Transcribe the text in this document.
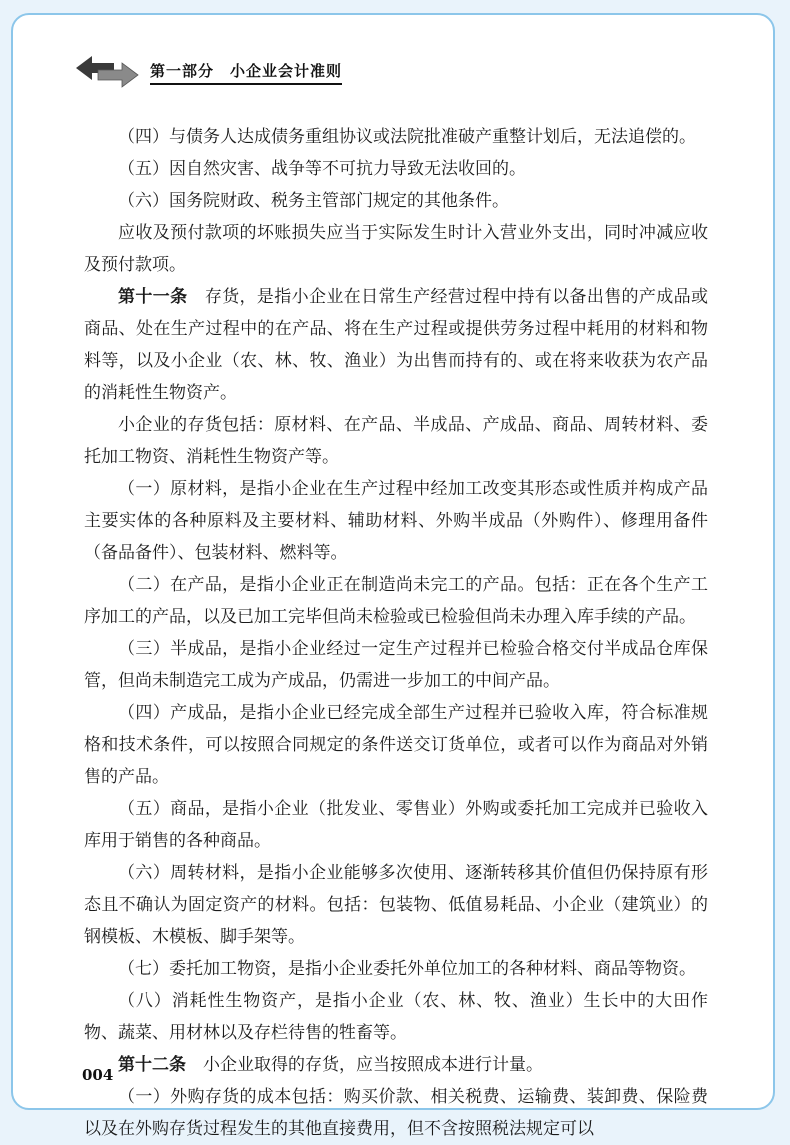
第一部分　小企业会计准则

（四）与债务人达成债务重组协议或法院批准破产重整计划后，无法追偿的。

（五）因自然灾害、战争等不可抗力导致无法收回的。

（六）国务院财政、税务主管部门规定的其他条件。

应收及预付款项的坏账损失应当于实际发生时计入营业外支出，同时冲减应收及预付款项。

第十一条　存货，是指小企业在日常生产经营过程中持有以备出售的产成品或商品、处在生产过程中的在产品、将在生产过程或提供劳务过程中耗用的材料和物料等，以及小企业（农、林、牧、渔业）为出售而持有的、或在将来收获为农产品的消耗性生物资产。

小企业的存货包括：原材料、在产品、半成品、产成品、商品、周转材料、委托加工物资、消耗性生物资产等。

（一）原材料，是指小企业在生产过程中经加工改变其形态或性质并构成产品主要实体的各种原料及主要材料、辅助材料、外购半成品（外购件）、修理用备件（备品备件）、包装材料、燃料等。

（二）在产品，是指小企业正在制造尚未完工的产品。包括：正在各个生产工序加工的产品，以及已加工完毕但尚未检验或已检验但尚未办理入库手续的产品。

（三）半成品，是指小企业经过一定生产过程并已检验合格交付半成品仓库保管，但尚未制造完工成为产成品，仍需进一步加工的中间产品。

（四）产成品，是指小企业已经完成全部生产过程并已验收入库，符合标准规格和技术条件，可以按照合同规定的条件送交订货单位，或者可以作为商品对外销售的产品。

（五）商品，是指小企业（批发业、零售业）外购或委托加工完成并已验收入库用于销售的各种商品。

（六）周转材料，是指小企业能够多次使用、逐渐转移其价值但仍保持原有形态且不确认为固定资产的材料。包括：包装物、低值易耗品、小企业（建筑业）的钢模板、木模板、脚手架等。

（七）委托加工物资，是指小企业委托外单位加工的各种材料、商品等物资。

（八）消耗性生物资产，是指小企业（农、林、牧、渔业）生长中的大田作物、蔬菜、用材林以及存栏待售的牲畜等。

第十二条　小企业取得的存货，应当按照成本进行计量。

（一）外购存货的成本包括：购买价款、相关税费、运输费、装卸费、保险费以及在外购存货过程发生的其他直接费用，但不含按照税法规定可以

004
